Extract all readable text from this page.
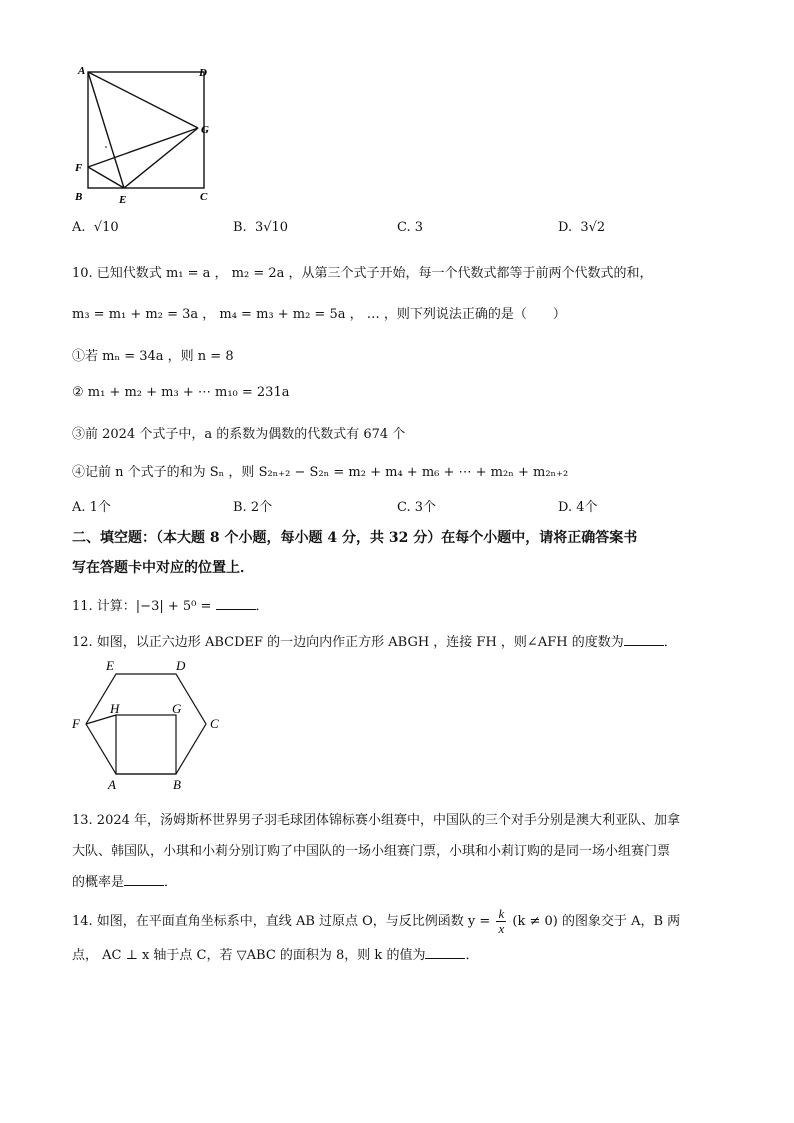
A	D
G
F
B	E	C
A. √10	B. 3√10	C. 3	D. 3√2
10. 已知代数式 m₁ = a ， m₂ = 2a ，从第三个式子开始，每一个代数式都等于前两个代数式的和，
m₃ = m₁ + m₂ = 3a ， m₄ = m₃ + m₂ = 5a ， … ，则下列说法正确的是（　　）
①若 mₙ = 34a ，则 n = 8
② m₁ + m₂ + m₃ + ⋯ m₁₀ = 231a
③前 2024 个式子中，a 的系数为偶数的代数式有 674 个
④记前 n 个式子的和为 Sₙ ，则 S₂ₙ₊₂ − S₂ₙ = m₂ + m₄ + m₆ + ⋯ + m₂ₙ + m₂ₙ₊₂
A. 1个	B. 2个	C. 3个	D. 4个
二、填空题：（本大题 8 个小题，每小题 4 分，共 32 分）在每个小题中，请将正确答案书
写在答题卡中对应的位置上．
11. 计算：|−3| + 5⁰ =	．
12. 如图，以正六边形 ABCDEF 的一边向内作正方形 ABGH ，连接 FH ，则∠AFH 的度数为	．
E	D
F
H	G
C
A	B
13. 2024 年，汤姆斯杯世界男子羽毛球团体锦标赛小组赛中，中国队的三个对手分别是澳大利亚队、加拿
大队、韩国队，小琪和小莉分别订购了中国队的一场小组赛门票，小琪和小莉订购的是同一场小组赛门票
的概率是	．
14. 如图，在平面直角坐标系中，直线 AB 过原点 O，与反比例函数 $y = \frac{k}{x} (k \ne 0)$ 的图象交于 A，B 两
点， AC ⊥ x 轴于点 C，若 ▽ABC 的面积为 8，则 k 的值为	．
